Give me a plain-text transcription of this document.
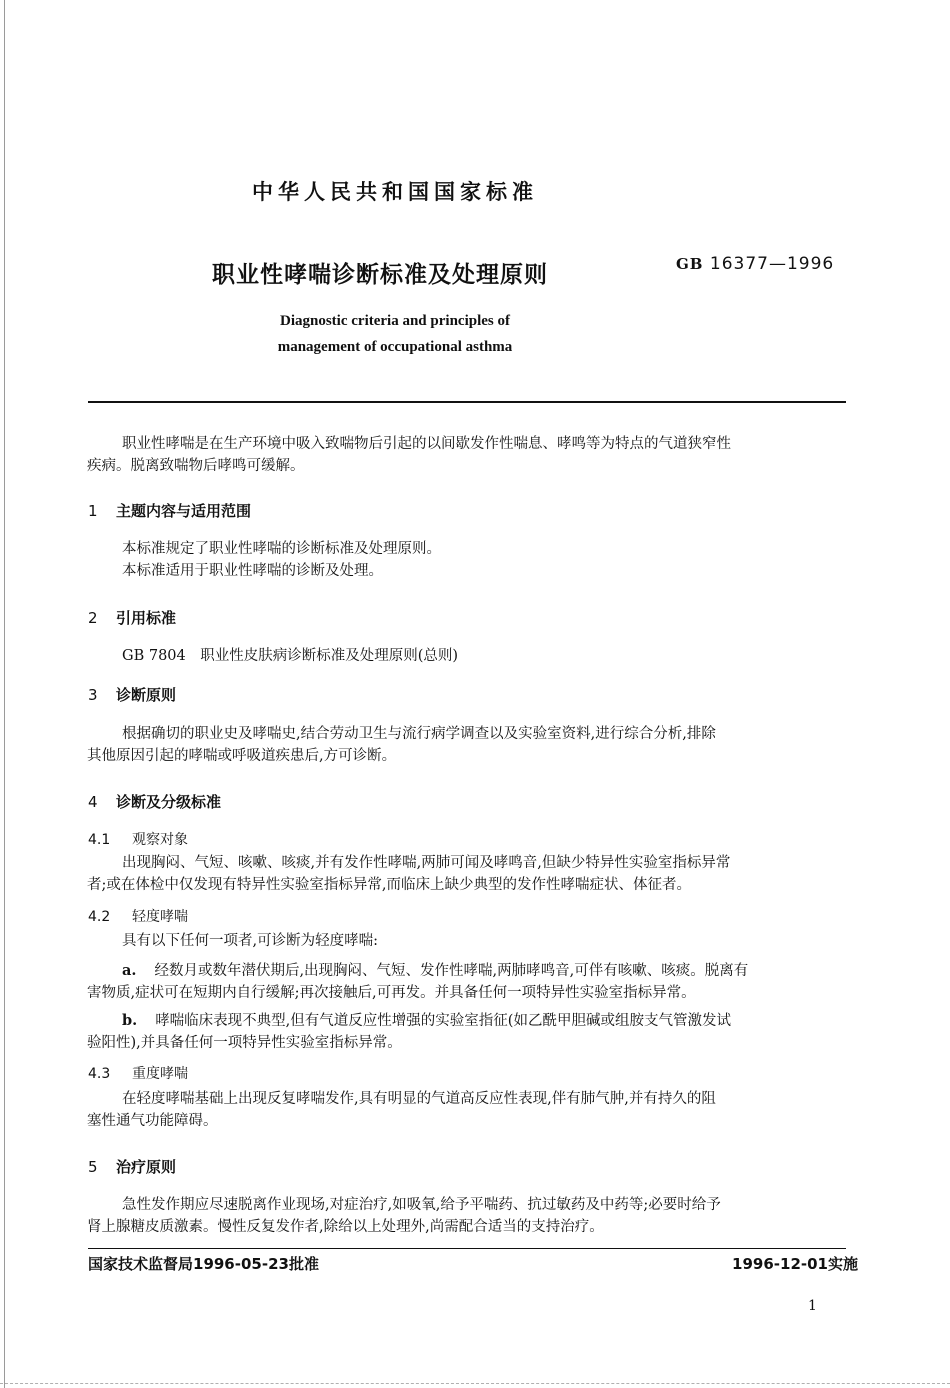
中华人民共和国国家标准
职业性哮喘诊断标准及处理原则	GB 16377—1996
Diagnostic criteria and principles of
management of occupational asthma
职业性哮喘是在生产环境中吸入致喘物后引起的以间歇发作性喘息、哮鸣等为特点的气道狭窄性
疾病。脱离致喘物后哮鸣可缓解。
1 主题内容与适用范围
本标准规定了职业性哮喘的诊断标准及处理原则。
本标准适用于职业性哮喘的诊断及处理。
2 引用标准
GB 7804　职业性皮肤病诊断标准及处理原则(总则)
3 诊断原则
根据确切的职业史及哮喘史,结合劳动卫生与流行病学调查以及实验室资料,进行综合分析,排除
其他原因引起的哮喘或呼吸道疾患后,方可诊断。
4 诊断及分级标准
4.1 观察对象
出现胸闷、气短、咳嗽、咳痰,并有发作性哮喘,两肺可闻及哮鸣音,但缺少特异性实验室指标异常
者;或在体检中仅发现有特异性实验室指标异常,而临床上缺少典型的发作性哮喘症状、体征者。
4.2 轻度哮喘
具有以下任何一项者,可诊断为轻度哮喘:
a. 经数月或数年潜伏期后,出现胸闷、气短、发作性哮喘,两肺哮鸣音,可伴有咳嗽、咳痰。脱离有
害物质,症状可在短期内自行缓解;再次接触后,可再发。并具备任何一项特异性实验室指标异常。
b. 哮喘临床表现不典型,但有气道反应性增强的实验室指征(如乙酰甲胆碱或组胺支气管激发试
验阳性),并具备任何一项特异性实验室指标异常。
4.3 重度哮喘
在轻度哮喘基础上出现反复哮喘发作,具有明显的气道高反应性表现,伴有肺气肿,并有持久的阻
塞性通气功能障碍。
5 治疗原则
急性发作期应尽速脱离作业现场,对症治疗,如吸氧,给予平喘药、抗过敏药及中药等;必要时给予
肾上腺糖皮质激素。慢性反复发作者,除给以上处理外,尚需配合适当的支持治疗。
国家技术监督局1996-05-23批准	1996-12-01实施
1
